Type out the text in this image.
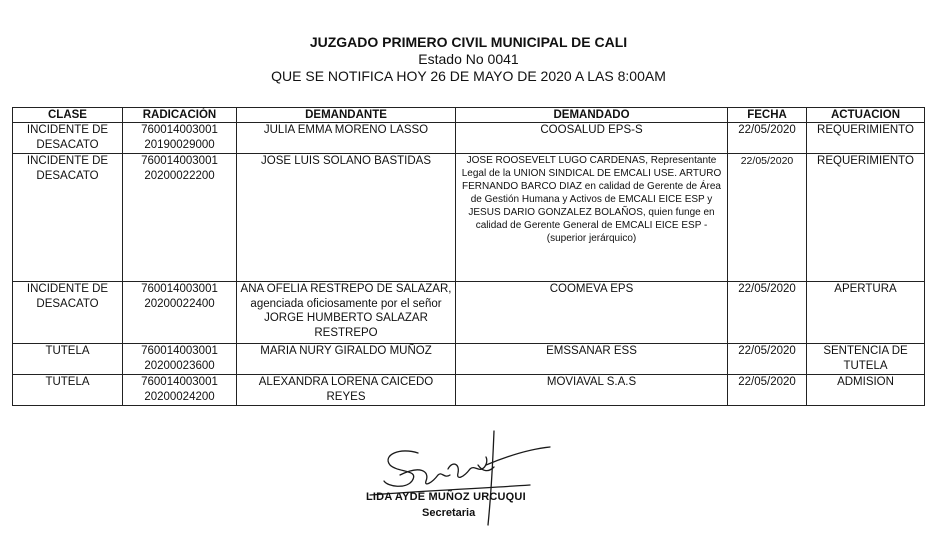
JUZGADO PRIMERO CIVIL MUNICIPAL DE CALI
Estado No 0041
QUE SE NOTIFICA HOY 26 DE MAYO DE 2020 A LAS 8:00AM
CLASE	RADICACIÓN	DEMANDANTE	DEMANDADO	FECHA	ACTUACION
INCIDENTE DE DESACATO	760014003001 20190029000	JULIA EMMA MORENO LASSO	COOSALUD EPS-S	22/05/2020	REQUERIMIENTO
INCIDENTE DE DESACATO	760014003001 20200022200	JOSE LUIS SOLANO BASTIDAS	JOSE ROOSEVELT LUGO CARDENAS, Representante Legal de la UNION SINDICAL DE EMCALI USE. ARTURO FERNANDO BARCO DIAZ en calidad de Gerente de Área de Gestión Humana y Activos de EMCALI EICE ESP y JESUS DARIO GONZALEZ BOLAÑOS, quien funge en calidad de Gerente General de EMCALI EICE ESP - (superior jerárquico)	22/05/2020	REQUERIMIENTO
INCIDENTE DE DESACATO	760014003001 20200022400	ANA OFELIA RESTREPO DE SALAZAR, agenciada oficiosamente por el señor JORGE HUMBERTO SALAZAR RESTREPO	COOMEVA EPS	22/05/2020	APERTURA
TUTELA	760014003001 20200023600	MARIA NURY GIRALDO MUÑOZ	EMSSANAR ESS	22/05/2020	SENTENCIA DE TUTELA
TUTELA	760014003001 20200024200	ALEXANDRA LORENA CAICEDO REYES	MOVIAVAL S.A.S	22/05/2020	ADMISION
LIDA AYDE MUÑOZ URCUQUI
Secretaria
